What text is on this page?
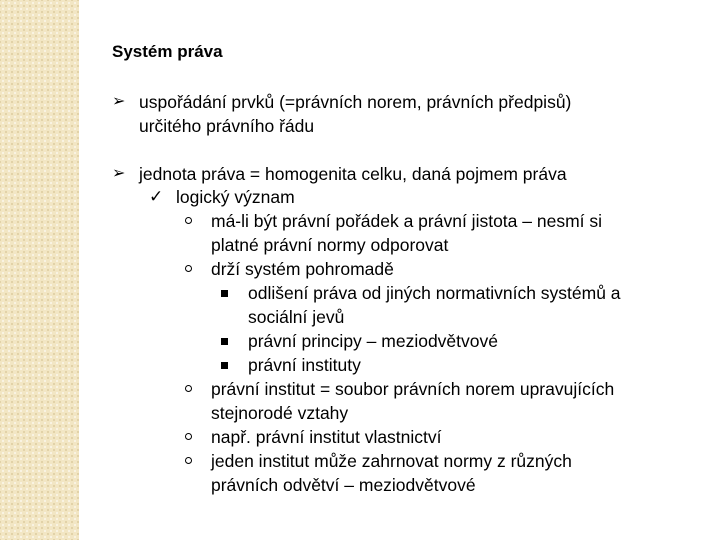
Systém práva
➢ uspořádání prvků (=právních norem, právních předpisů)
určitého právního řádu
➢ jednota práva = homogenita celku, daná pojmem práva
✓ logický význam
má-li být právní pořádek a právní jistota – nesmí si
platné právní normy odporovat
drží systém pohromadě
odlišení práva od jiných normativních systémů a
sociální jevů
právní principy – meziodvětvové
právní instituty
právní institut = soubor právních norem upravujících
stejnorodé vztahy
např. právní institut vlastnictví
jeden institut může zahrnovat normy z různých
právních odvětví – meziodvětvové
